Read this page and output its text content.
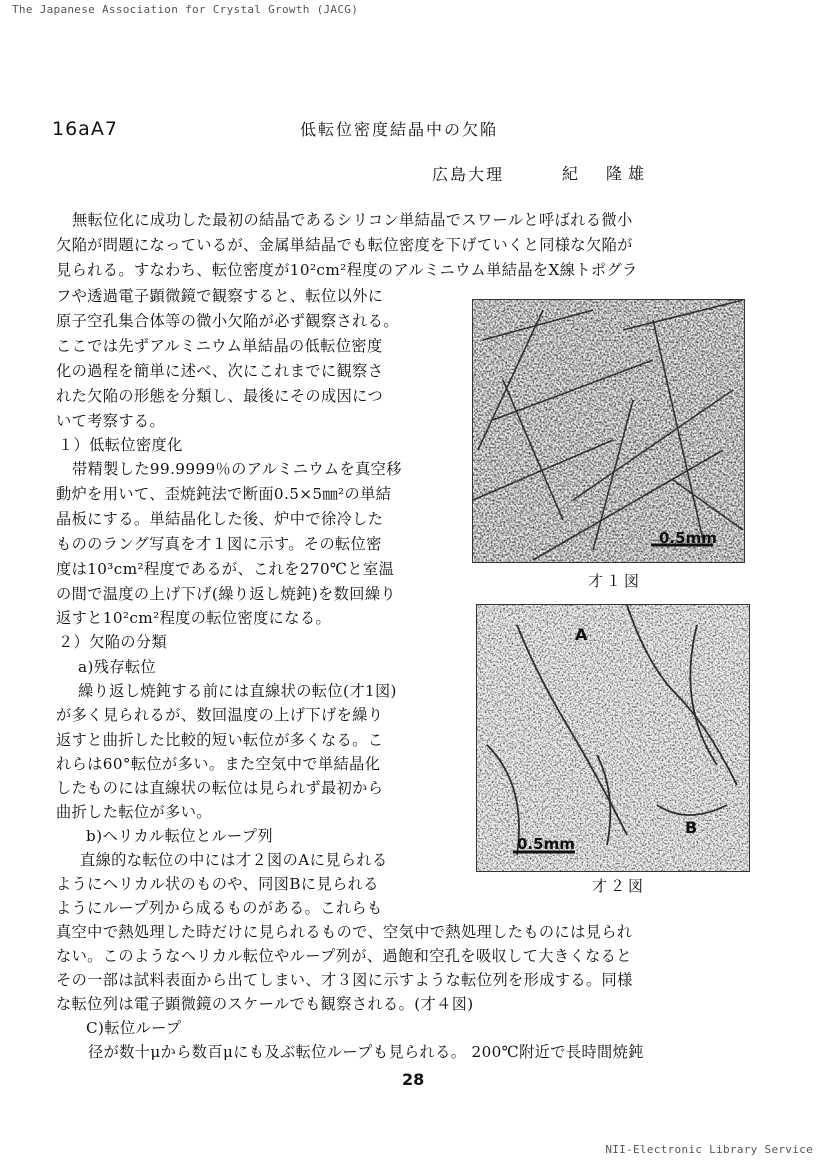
The Japanese Association for Crystal Growth (JACG)
16aA7	低転位密度結晶中の欠陥
広島大理	紀　隆雄
無転位化に成功した最初の結晶であるシリコン単結晶でスワールと呼ばれる微小
欠陥が問題になっているが、金属単結晶でも転位密度を下げていくと同様な欠陥が
見られる。すなわち、転位密度が10²cm²程度のアルミニウム単結晶をX線トポグラ
フや透過電子顕微鏡で観察すると、転位以外に
原子空孔集合体等の微小欠陥が必ず観察される。
ここでは先ずアルミニウム単結晶の低転位密度
化の過程を簡単に述べ、次にこれまでに観察さ
れた欠陥の形態を分類し、最後にその成因につ
いて考察する。
１）低転位密度化
帯精製した99.9999％のアルミニウムを真空移
動炉を用いて、歪焼鈍法で断面0.5×5㎜²の単結
晶板にする。単結晶化した後、炉中で徐冷した
もののラング写真を才１図に示す。その転位密
度は10³cm²程度であるが、これを270℃と室温
の間で温度の上げ下げ(繰り返し焼鈍)を数回繰り
返すと10²cm²程度の転位密度になる。
２）欠陥の分類
a)残存転位
繰り返し焼鈍する前には直線状の転位(才1図)
が多く見られるが、数回温度の上げ下げを繰り
返すと曲折した比較的短い転位が多くなる。こ
れらは60°転位が多い。また空気中で単結晶化
したものには直線状の転位は見られず最初から
曲折した転位が多い。
b)ヘリカル転位とループ列
直線的な転位の中には才２図のAに見られる
ようにヘリカル状のものや、同図Bに見られる
ようにループ列から成るものがある。これらも
真空中で熱処理した時だけに見られるもので、空気中で熱処理したものには見られ
ない。このようなヘリカル転位やループ列が、過飽和空孔を吸収して大きくなると
その一部は試料表面から出てしまい、才３図に示すような転位列を形成する。同様
な転位列は電子顕微鏡のスケールでも観察される。(才４図)
C)転位ループ
径が数十μから数百μにも及ぶ転位ループも見られる。 200℃附近で長時間焼鈍
0.5mm
才１図
A
B
0.5mm
才２図
28
NII-Electronic Library Service
